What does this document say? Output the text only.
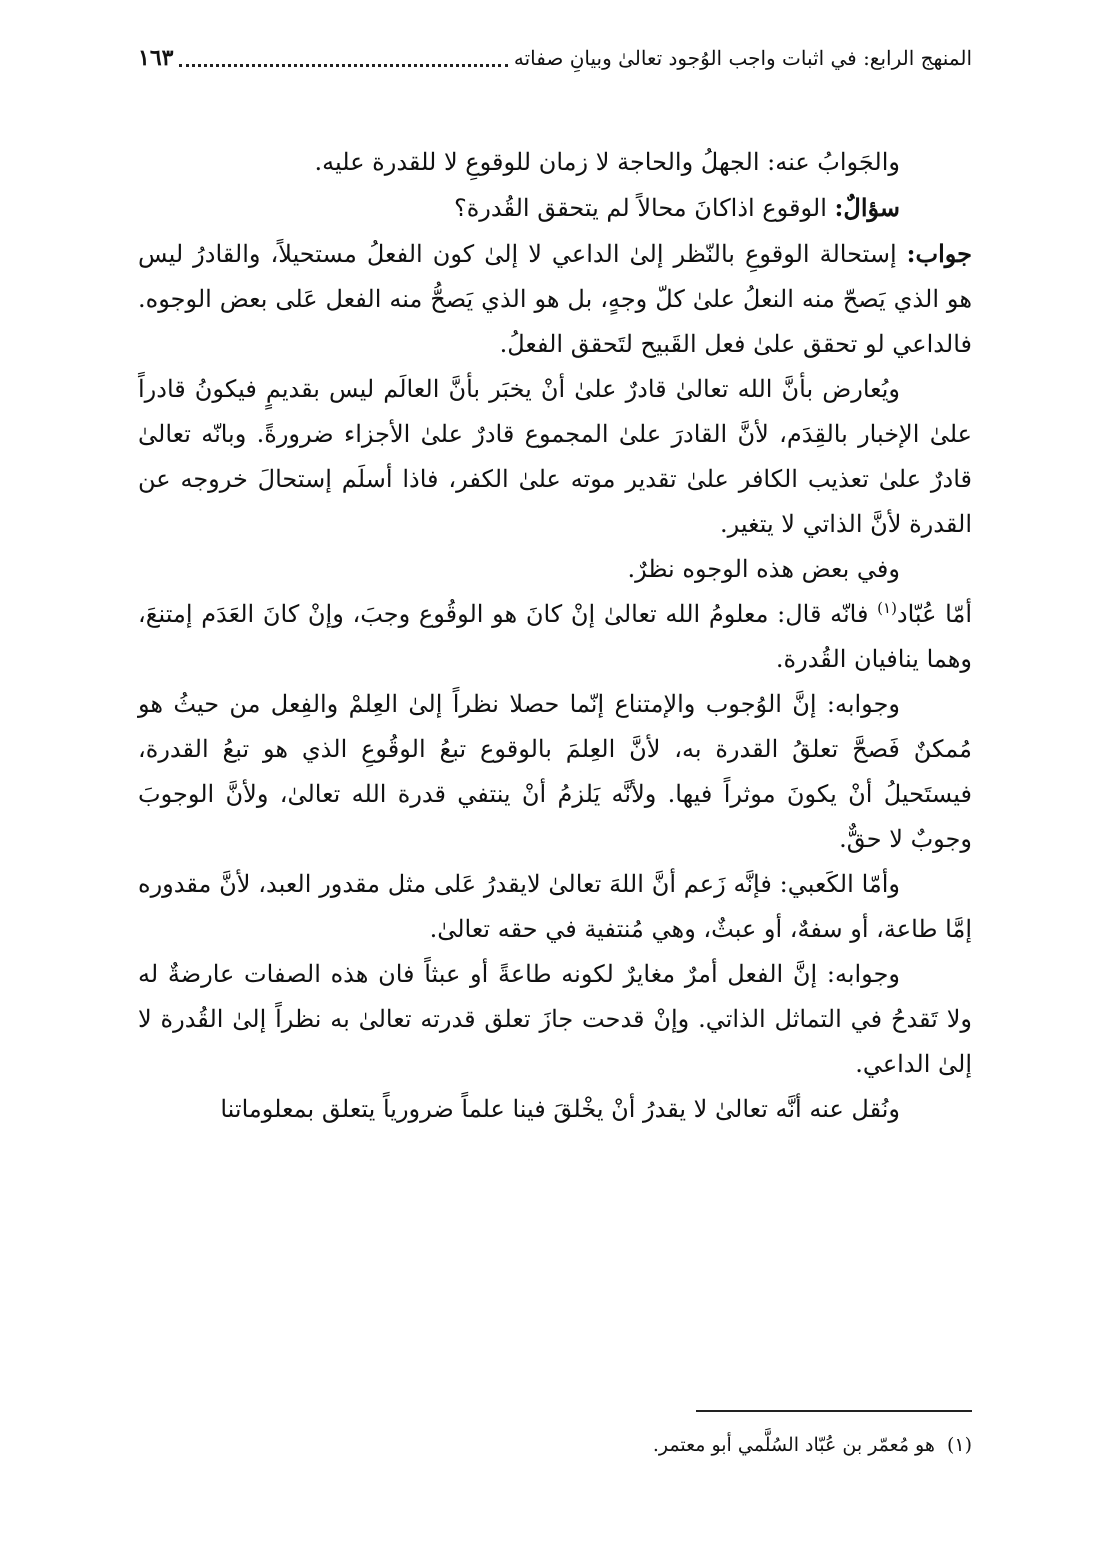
المنهج الرابع: في اثبات واجب الوُجود تعالىٰ وبيانِ صفاته
١٦٣

والجَوابُ عنه: الجهلُ والحاجة لا زمان للوقوعِ لا للقدرة عليه.

سؤالٌ: الوقوع اذاكانَ محالاً لم يتحقق القُدرة؟

جواب: إستحالة الوقوعِ بالنّظر إلىٰ الداعي لا إلىٰ كون الفعلُ مستحيلاً، والقادرُ ليس هو الذي يَصحّ منه النعلُ علىٰ كلّ وجهٍ، بل هو الذي يَصحُّ منه الفعل عَلى بعض الوجوه. فالداعي لو تحقق علىٰ فعل القَبيح لتَحقق الفعلُ.

ويُعارض بأنَّ الله تعالىٰ قادرٌ علىٰ أنْ يخبَر بأنَّ العالَم ليس بقديمٍ فيكونُ قادراً علىٰ الإخبار بالقِدَم، لأنَّ القادرَ علىٰ المجموع قادرٌ علىٰ الأجزاء ضرورةً. وبانّه تعالىٰ قادرٌ علىٰ تعذيب الكافر علىٰ تقدير موته علىٰ الكفر، فاذا أسلَم إستحالَ خروجه عن القدرة لأنَّ الذاتي لا يتغير.

وفي بعض هذه الوجوه نظرٌ.

أمّا عُبّاد$^{(١)}$ فانّه قال: معلومُ الله تعالىٰ إنْ كانَ هو الوقُوع وجبَ، وإنْ كانَ العَدَم إمتنعَ، وهما ينافيان القُدرة.

وجوابه: إنَّ الوُجوب والإمتناع إنّما حصلا نظراً إلىٰ العِلمْ والفِعل من حيثُ هو مُمكنٌ فَصحَّ تعلقُ القدرة به، لأنَّ العِلمَ بالوقوع تبعُ الوقُوعِ الذي هو تبعُ القدرة، فيستَحيلُ أنْ يكونَ موثراً فيها. ولأنَّه يَلزمُ أنْ ينتفي قدرة الله تعالىٰ، ولأنَّ الوجوبَ وجوبٌ لا حقٌّ.

وأمّا الكَعبي: فإنَّه زَعم أنَّ اللهَ تعالىٰ لايقدرُ عَلى مثل مقدور العبد، لأنَّ مقدوره إمَّا طاعة، أو سفهٌ، أو عبثٌ، وهي مُنتفية في حقه تعالىٰ.

وجوابه: إنَّ الفعل أمرٌ مغايرٌ لكونه طاعةً أو عبثاً فان هذه الصفات عارضةٌ له ولا تَقدحُ في التماثل الذاتي. وإنْ قدحت جازَ تعلق قدرته تعالىٰ به نظراً إلىٰ القُدرة لا إلىٰ الداعي.

ونُقل عنه أنَّه تعالىٰ لا يقدرُ أنْ يخْلقَ فينا علماً ضرورياً يتعلق بمعلوماتنا

(١) هو مُعمّر بن عُبّاد السُلَّمي أبو معتمر.
